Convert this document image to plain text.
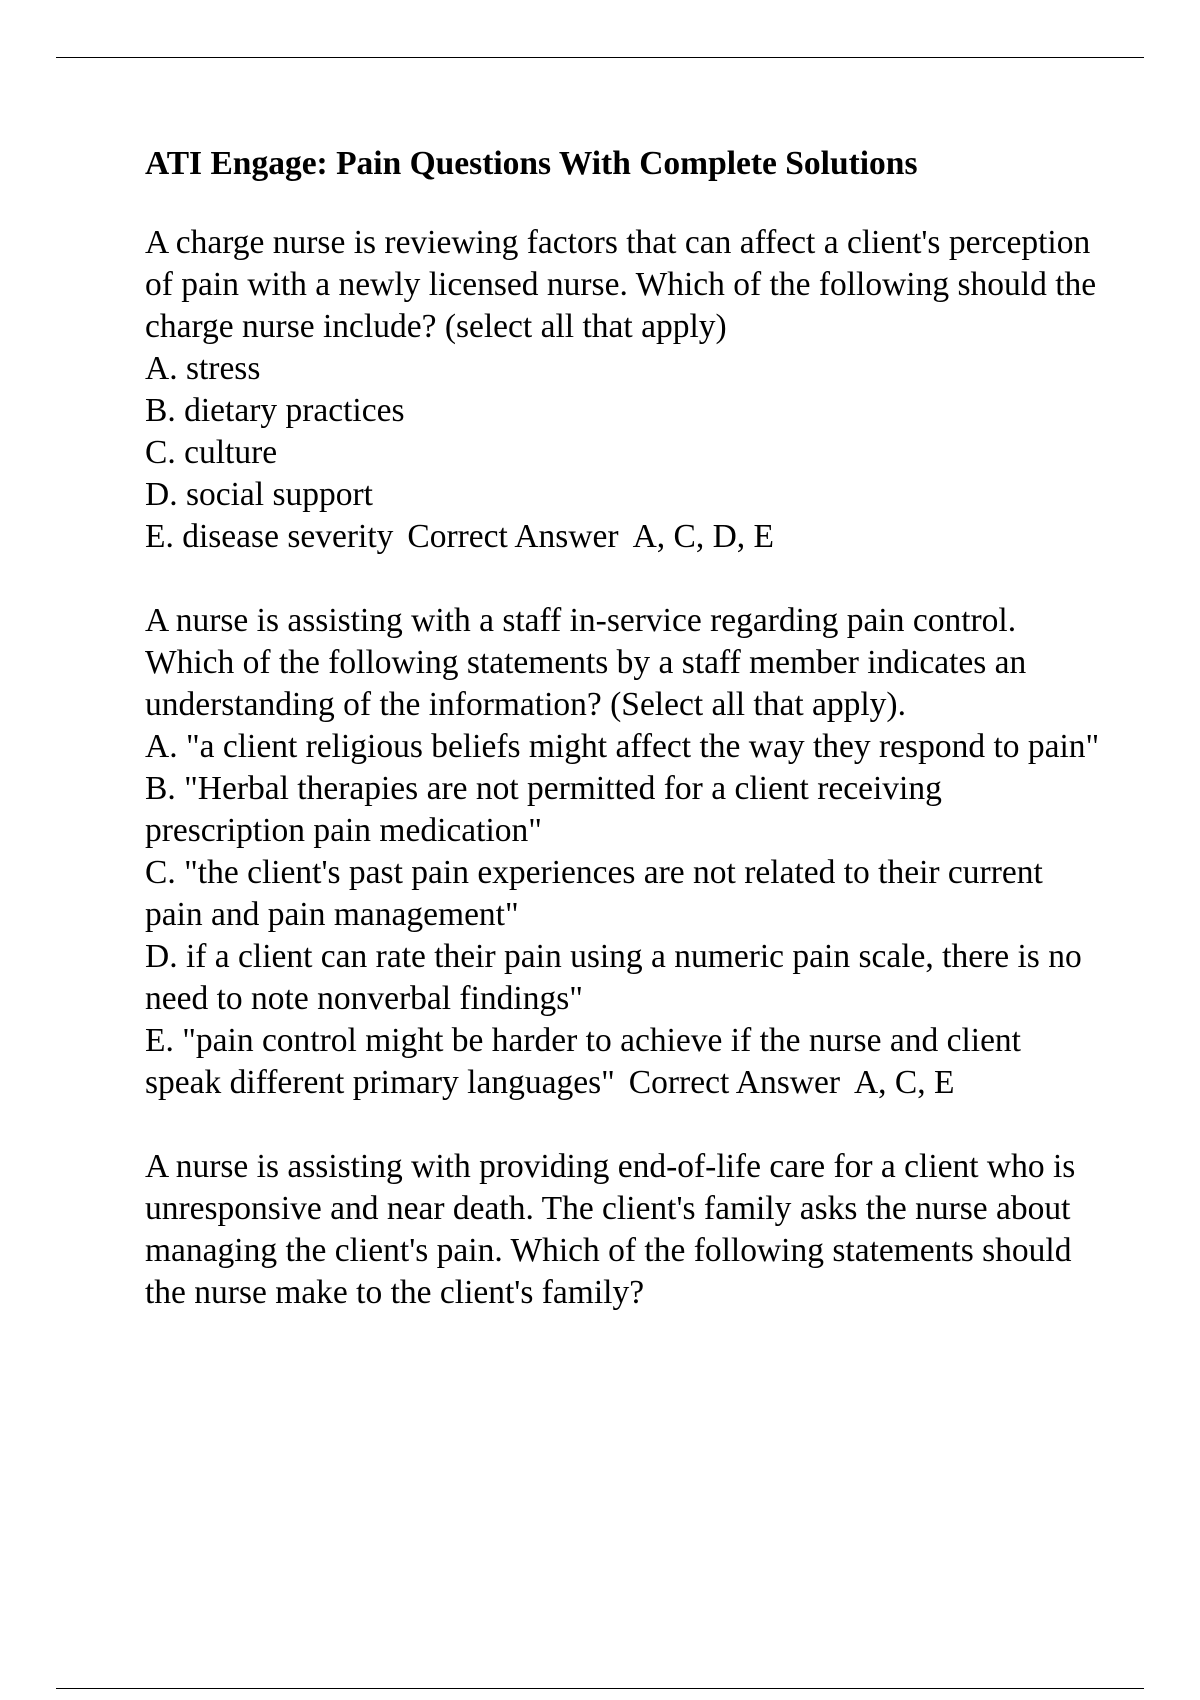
ATI Engage: Pain Questions With Complete Solutions
A charge nurse is reviewing factors that can affect a client's perception of pain with a newly licensed nurse. Which of the following should the charge nurse include? (select all that apply)
A. stress
B. dietary practices
C. culture
D. social support
E. disease severity Correct Answer A, C, D, E
A nurse is assisting with a staff in-service regarding pain control. Which of the following statements by a staff member indicates an understanding of the information? (Select all that apply).
A. "a client religious beliefs might affect the way they respond to pain"
B. "Herbal therapies are not permitted for a client receiving prescription pain medication"
C. "the client's past pain experiences are not related to their current pain and pain management"
D. if a client can rate their pain using a numeric pain scale, there is no need to note nonverbal findings"
E. "pain control might be harder to achieve if the nurse and client speak different primary languages" Correct Answer A, C, E
A nurse is assisting with providing end-of-life care for a client who is unresponsive and near death. The client's family asks the nurse about managing the client's pain. Which of the following statements should the nurse make to the client's family?
